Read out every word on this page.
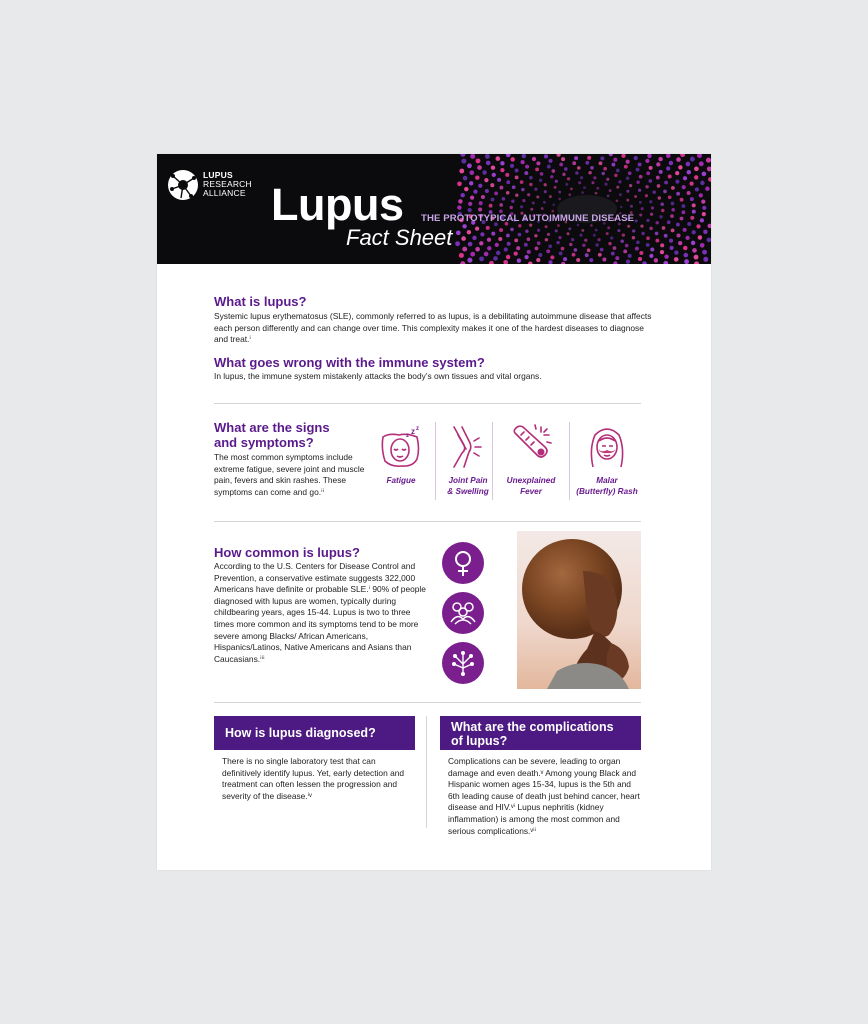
LUPUS
RESEARCH
ALLIANCE Lupus THE PROTOTYPICAL AUTOIMMUNE DISEASE
Fact Sheet
What is lupus?
Systemic lupus erythematosus (SLE), commonly referred to as lupus, is a debilitating autoimmune disease that affects each person differently and can change over time. This complexity makes it one of the hardest diseases to diagnose and treat.ⁱ
What goes wrong with the immune system?
In lupus, the immune system mistakenly attacks the body’s own tissues and vital organs.
What are the signs
and symptoms?
The most common symptoms include extreme fatigue, severe joint and muscle pain, fevers and skin rashes. These symptoms can come and go.ⁱⁱ
z z
z
Fatigue	Joint Pain
& Swelling
Unexplained
Fever
Malar
(Butterfly) Rash
How common is lupus?
According to the U.S. Centers for Disease Control and Prevention, a conservative estimate suggests 322,000 Americans have definite or probable SLE.ⁱ 90% of people diagnosed with lupus are women, typically during childbearing years, ages 15-44. Lupus is two to three times more common and its symptoms tend to be more severe among Blacks/ African Americans, Hispanics/Latinos, Native Americans and Asians than Caucasians.ⁱⁱⁱ
How is lupus diagnosed?
There is no single laboratory test that can definitively identify lupus. Yet, early detection and treatment can often lessen the progression and severity of the disease.ⁱᵛ
What are the complications
of lupus?
Complications can be severe, leading to organ damage and even death.ᵛ Among young Black and Hispanic women ages 15-34, lupus is the 5th and 6th leading cause of death just behind cancer, heart disease and HIV.ᵛⁱ Lupus nephritis (kidney inflammation) is among the most common and serious complications.ᵛⁱⁱ
